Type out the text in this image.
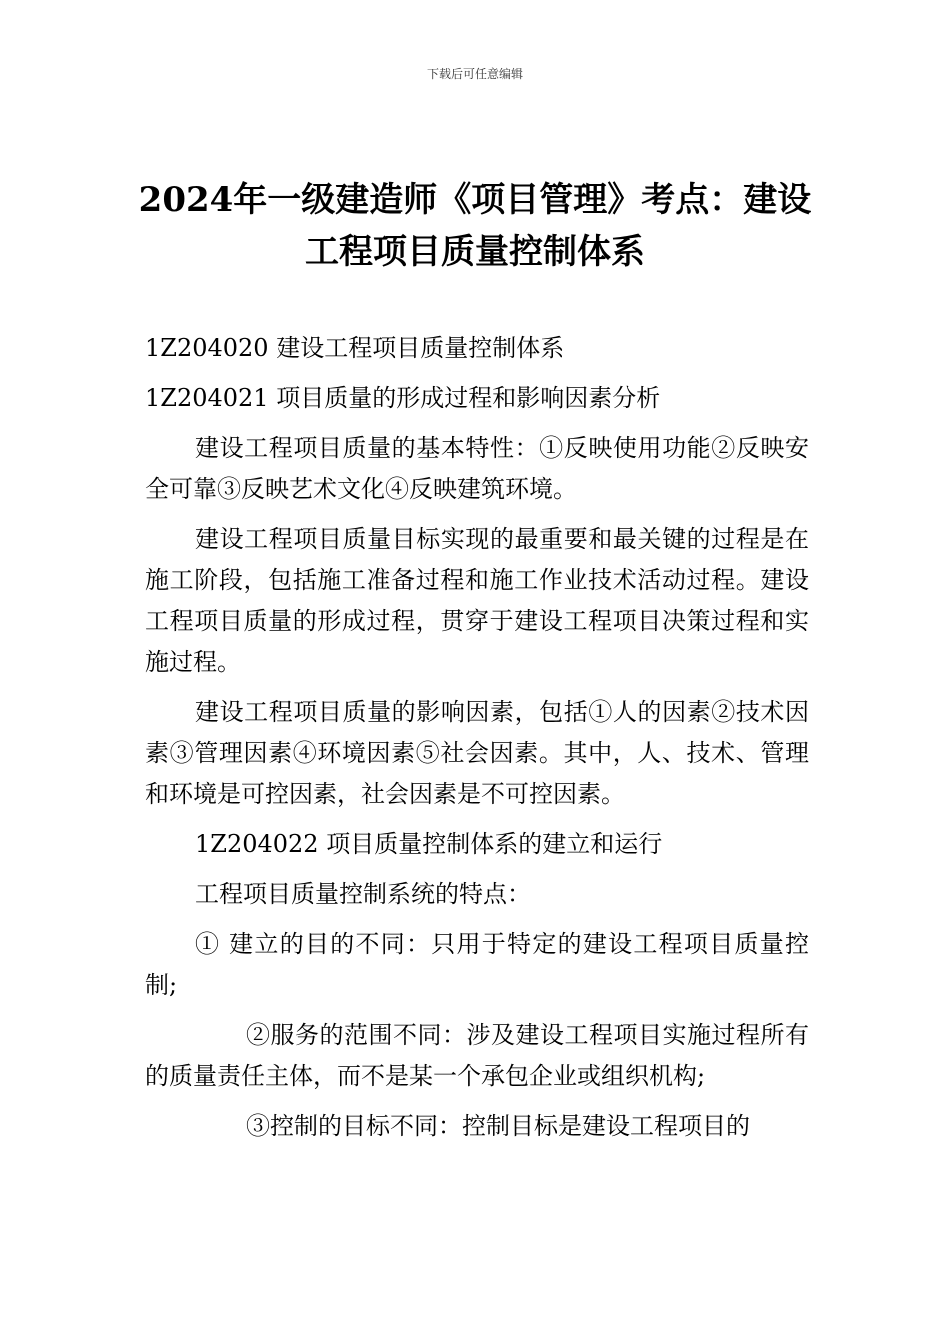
下载后可任意编辑
2024年一级建造师《项目管理》考点：建设工程项目质量控制体系

1Z204020 建设工程项目质量控制体系

1Z204021 项目质量的形成过程和影响因素分析

建设工程项目质量的基本特性：①反映使用功能②反映安全可靠③反映艺术文化④反映建筑环境。

建设工程项目质量目标实现的最重要和最关键的过程是在施工阶段，包括施工准备过程和施工作业技术活动过程。建设工程项目质量的形成过程，贯穿于建设工程项目决策过程和实施过程。

建设工程项目质量的影响因素，包括①人的因素②技术因素③管理因素④环境因素⑤社会因素。其中，人、技术、管理和环境是可控因素，社会因素是不可控因素。

1Z204022 项目质量控制体系的建立和运行

工程项目质量控制系统的特点：

① 建立的目的不同：只用于特定的建设工程项目质量控制;

②服务的范围不同：涉及建设工程项目实施过程所有的质量责任主体，而不是某一个承包企业或组织机构;

③控制的目标不同：控制目标是建设工程项目的
